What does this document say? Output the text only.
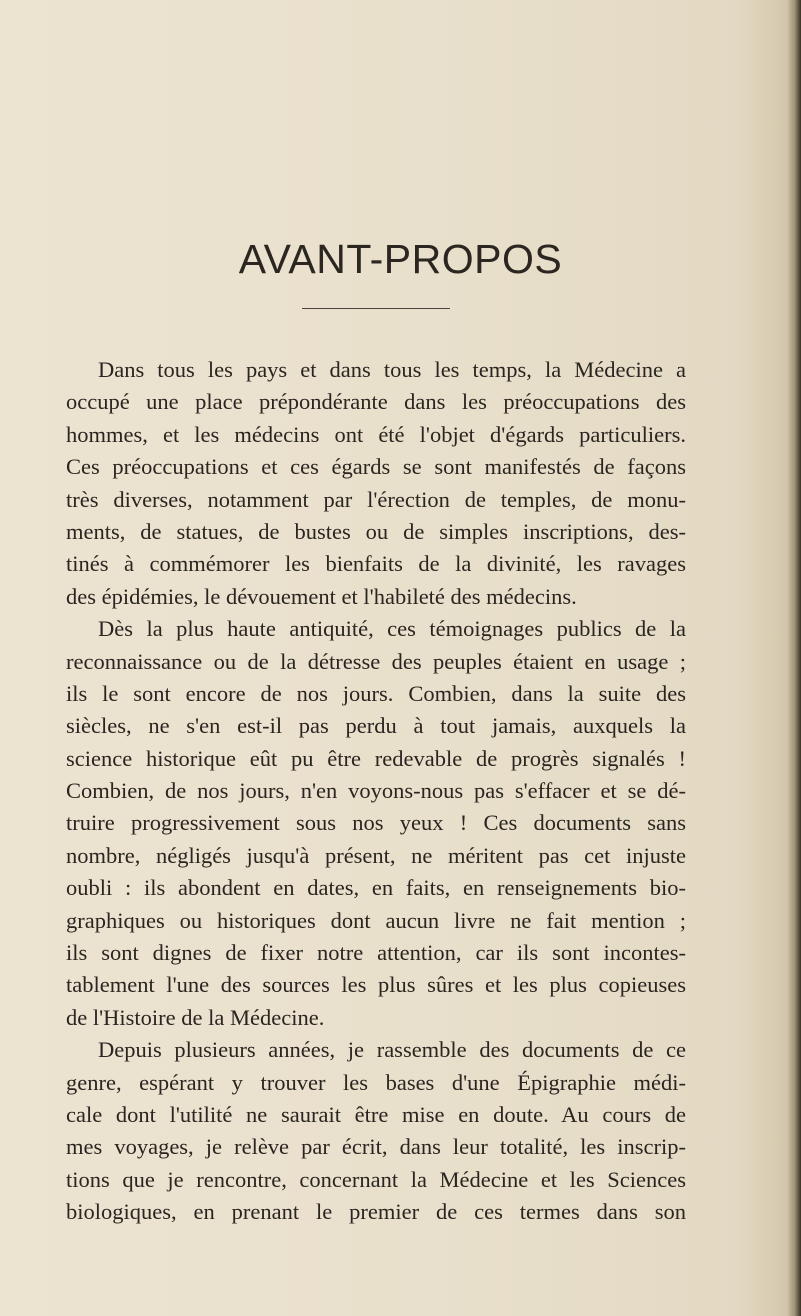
AVANT-PROPOS
Dans tous les pays et dans tous les temps, la Médecine a
occupé une place prépondérante dans les préoccupations des
hommes, et les médecins ont été l'objet d'égards particuliers.
Ces préoccupations et ces égards se sont manifestés de façons
très diverses, notamment par l'érection de temples, de monu-
ments, de statues, de bustes ou de simples inscriptions, des-
tinés à commémorer les bienfaits de la divinité, les ravages
des épidémies, le dévouement et l'habileté des médecins.
Dès la plus haute antiquité, ces témoignages publics de la
reconnaissance ou de la détresse des peuples étaient en usage ;
ils le sont encore de nos jours. Combien, dans la suite des
siècles, ne s'en est-il pas perdu à tout jamais, auxquels la
science historique eût pu être redevable de progrès signalés !
Combien, de nos jours, n'en voyons-nous pas s'effacer et se dé-
truire progressivement sous nos yeux ! Ces documents sans
nombre, négligés jusqu'à présent, ne méritent pas cet injuste
oubli : ils abondent en dates, en faits, en renseignements bio-
graphiques ou historiques dont aucun livre ne fait mention ;
ils sont dignes de fixer notre attention, car ils sont incontes-
tablement l'une des sources les plus sûres et les plus copieuses
de l'Histoire de la Médecine.
Depuis plusieurs années, je rassemble des documents de ce
genre, espérant y trouver les bases d'une Épigraphie médi-
cale dont l'utilité ne saurait être mise en doute. Au cours de
mes voyages, je relève par écrit, dans leur totalité, les inscrip-
tions que je rencontre, concernant la Médecine et les Sciences
biologiques, en prenant le premier de ces termes dans son
